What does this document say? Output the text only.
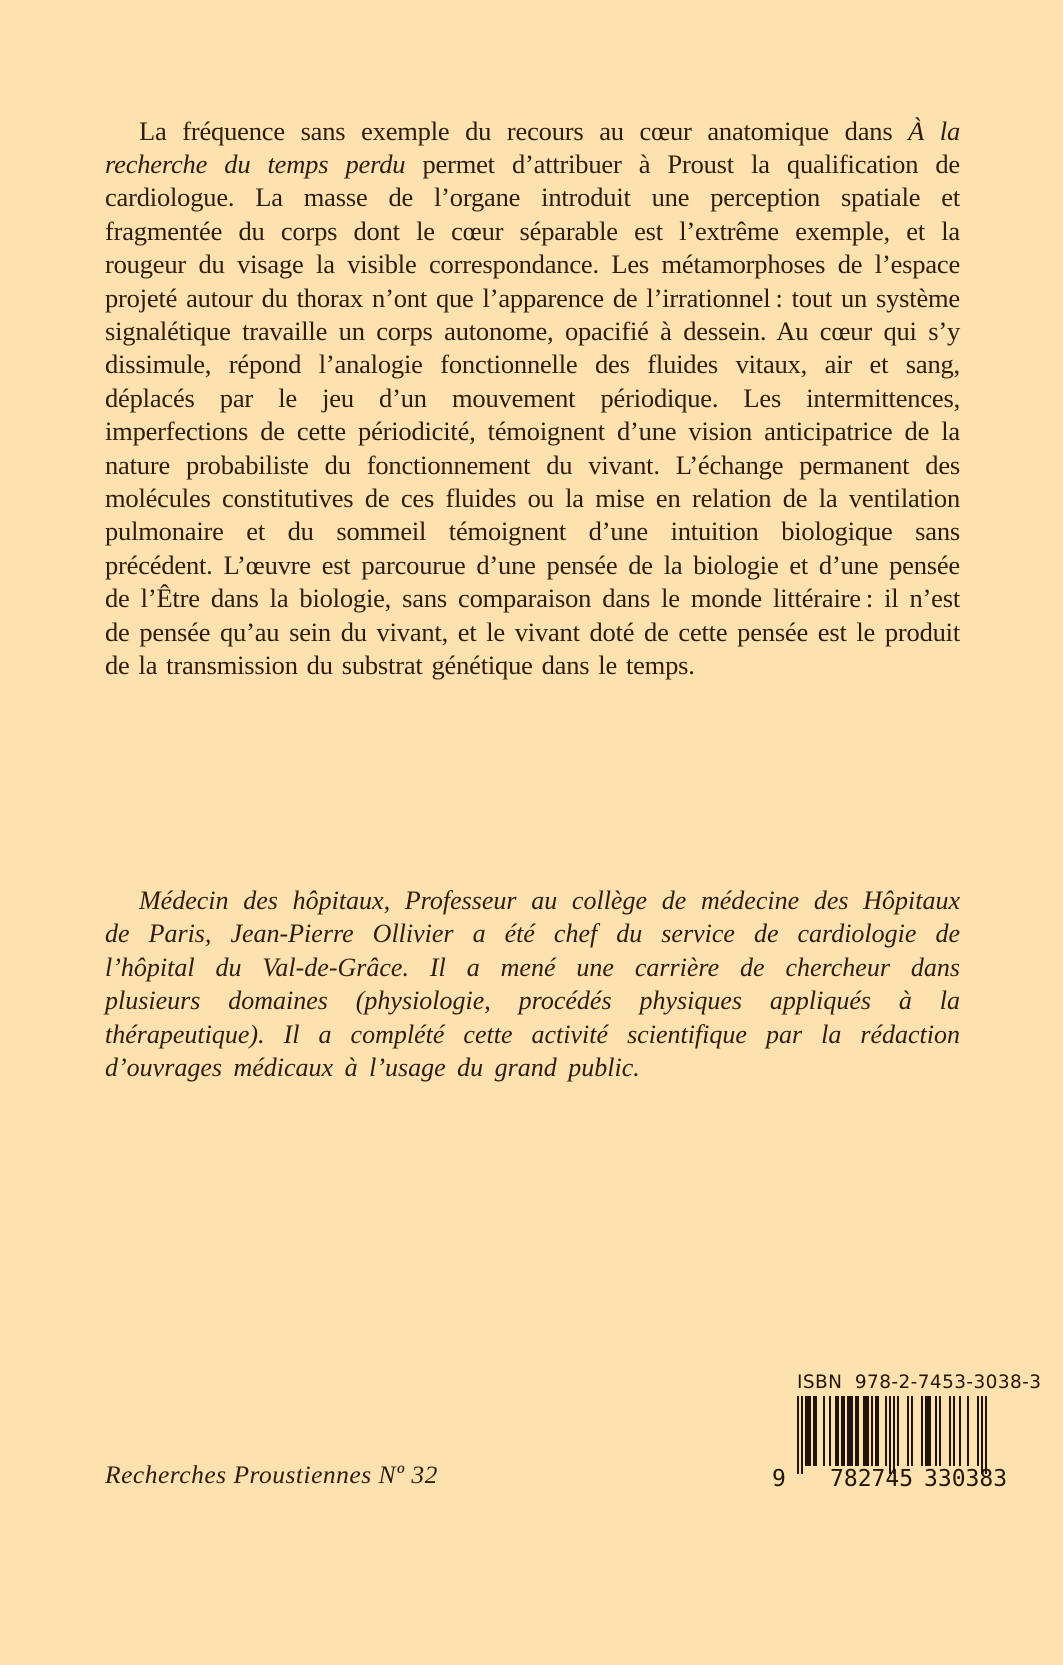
La fréquence sans exemple du recours au cœur anatomique dans À la recherche du temps perdu permet d’attribuer à Proust la qualification de cardiologue. La masse de l’organe introduit une perception spatiale et fragmentée du corps dont le cœur séparable est l’extrême exemple, et la rougeur du visage la visible correspondance. Les métamorphoses de l’espace projeté autour du thorax n’ont que l’apparence de l’irrationnel : tout un système signalétique travaille un corps autonome, opacifié à dessein. Au cœur qui s’y dissimule, répond l’analogie fonctionnelle des fluides vitaux, air et sang, déplacés par le jeu d’un mouvement périodique. Les intermittences, imperfections de cette périodicité, témoignent d’une vision anticipatrice de la nature probabiliste du fonctionnement du vivant. L’échange permanent des molécules constitutives de ces fluides ou la mise en relation de la ventilation pulmonaire et du sommeil témoignent d’une intuition biologique sans précédent. L’œuvre est parcourue d’une pensée de la biologie et d’une pensée de l’Être dans la biologie, sans comparaison dans le monde littéraire : il n’est de pensée qu’au sein du vivant, et le vivant doté de cette pensée est le produit de la transmission du substrat génétique dans le temps.

Médecin des hôpitaux, Professeur au collège de médecine des Hôpitaux de Paris, Jean-Pierre Ollivier a été chef du service de cardiologie de l’hôpital du Val-de-Grâce. Il a mené une carrière de chercheur dans plusieurs domaines (physiologie, procédés physiques appliqués à la thérapeutique). Il a complété cette activité scientifique par la rédaction d’ouvrages médicaux à l’usage du grand public.

Recherches Proustiennes Nº 32
ISBN  978-2-7453-3038-3
9 782745 330383
